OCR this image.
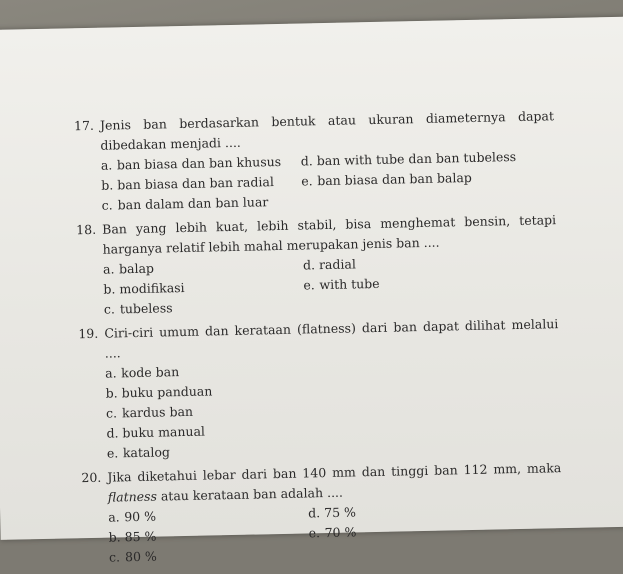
17. Jenis ban berdasarkan bentuk atau ukuran diameternya dapat dibedakan menjadi ....
a. ban biasa dan ban khusus	d. ban with tube dan ban tubeless
b. ban biasa dan ban radial	e. ban biasa dan ban balap
c. ban dalam dan ban luar
18. Ban yang lebih kuat, lebih stabil, bisa menghemat bensin, tetapi harganya relatif lebih mahal merupakan jenis ban ....
a. balap	d. radial
b. modifikasi	e. with tube
c. tubeless
19. Ciri-ciri umum dan kerataan (flatness) dari ban dapat dilihat melalui ....
a. kode ban
b. buku panduan
c. kardus ban
d. buku manual
e. katalog
20. Jika diketahui lebar dari ban 140 mm dan tinggi ban 112 mm, maka flatness atau kerataan ban adalah ....
a. 90 %	d. 75 %
b. 85 %	e. 70 %
c. 80 %
